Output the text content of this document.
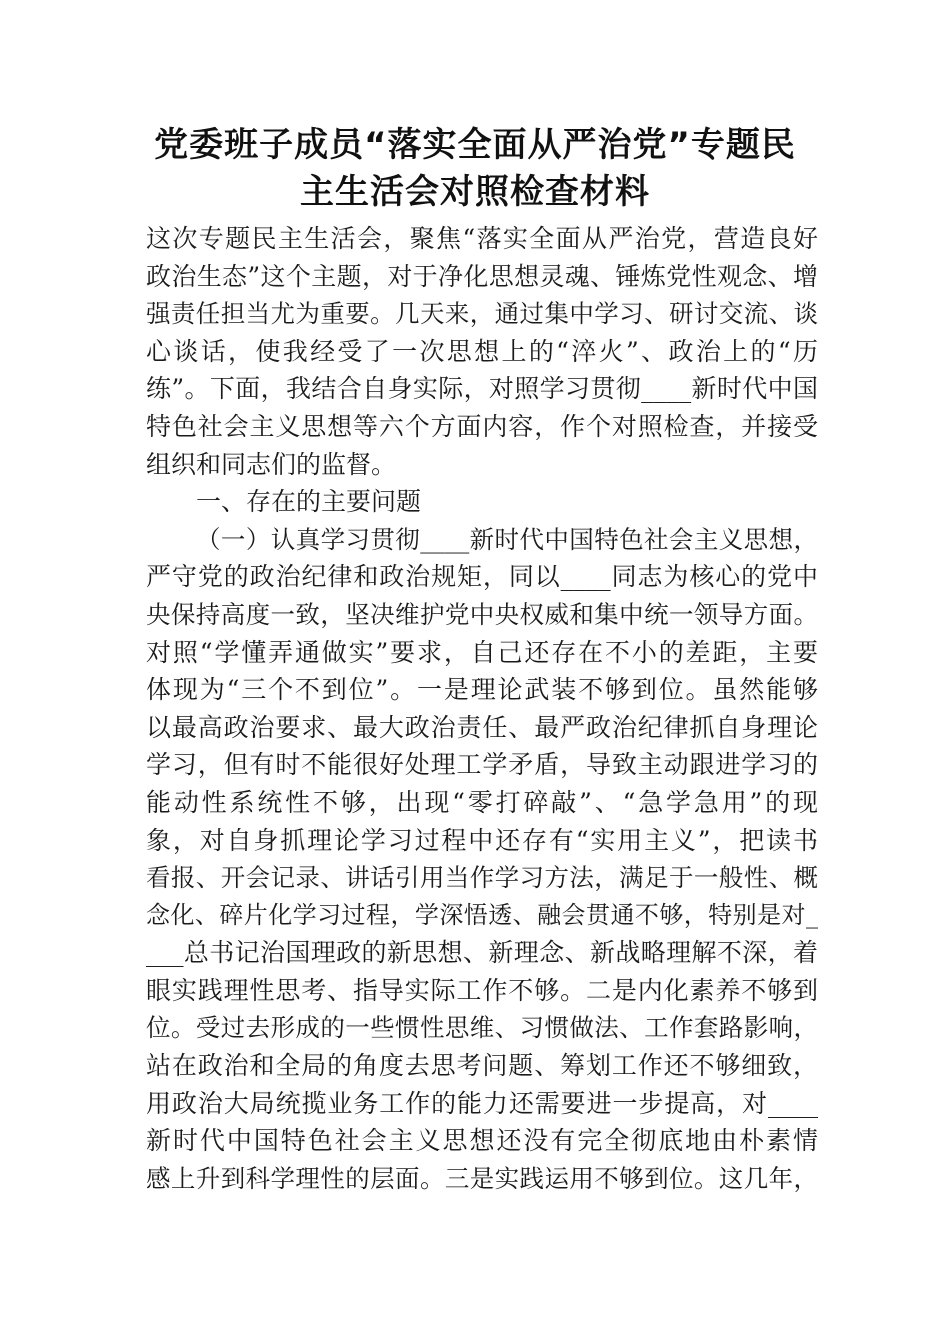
党委班子成员“落实全面从严治党”专题民
主生活会对照检查材料
这次专题民主生活会，聚焦“落实全面从严治党，营造良好
政治生态”这个主题，对于净化思想灵魂、锤炼党性观念、增
强责任担当尤为重要。几天来，通过集中学习、研讨交流、谈
心谈话，使我经受了一次思想上的“淬火”、政治上的“历
练”。下面，我结合自身实际，对照学习贯彻____新时代中国
特色社会主义思想等六个方面内容，作个对照检查，并接受
组织和同志们的监督。
一、存在的主要问题
（一）认真学习贯彻____新时代中国特色社会主义思想，
严守党的政治纪律和政治规矩，同以____同志为核心的党中
央保持高度一致，坚决维护党中央权威和集中统一领导方面。
对照“学懂弄通做实”要求，自己还存在不小的差距，主要
体现为“三个不到位”。一是理论武装不够到位。虽然能够
以最高政治要求、最大政治责任、最严政治纪律抓自身理论
学习，但有时不能很好处理工学矛盾，导致主动跟进学习的
能动性系统性不够，出现“零打碎敲”、“急学急用”的现
象，对自身抓理论学习过程中还存有“实用主义”，把读书
看报、开会记录、讲话引用当作学习方法，满足于一般性、概
念化、碎片化学习过程，学深悟透、融会贯通不够，特别是对_
___总书记治国理政的新思想、新理念、新战略理解不深，着
眼实践理性思考、指导实际工作不够。二是内化素养不够到
位。受过去形成的一些惯性思维、习惯做法、工作套路影响，
站在政治和全局的角度去思考问题、筹划工作还不够细致，
用政治大局统揽业务工作的能力还需要进一步提高，对____
新时代中国特色社会主义思想还没有完全彻底地由朴素情
感上升到科学理性的层面。三是实践运用不够到位。这几年，
